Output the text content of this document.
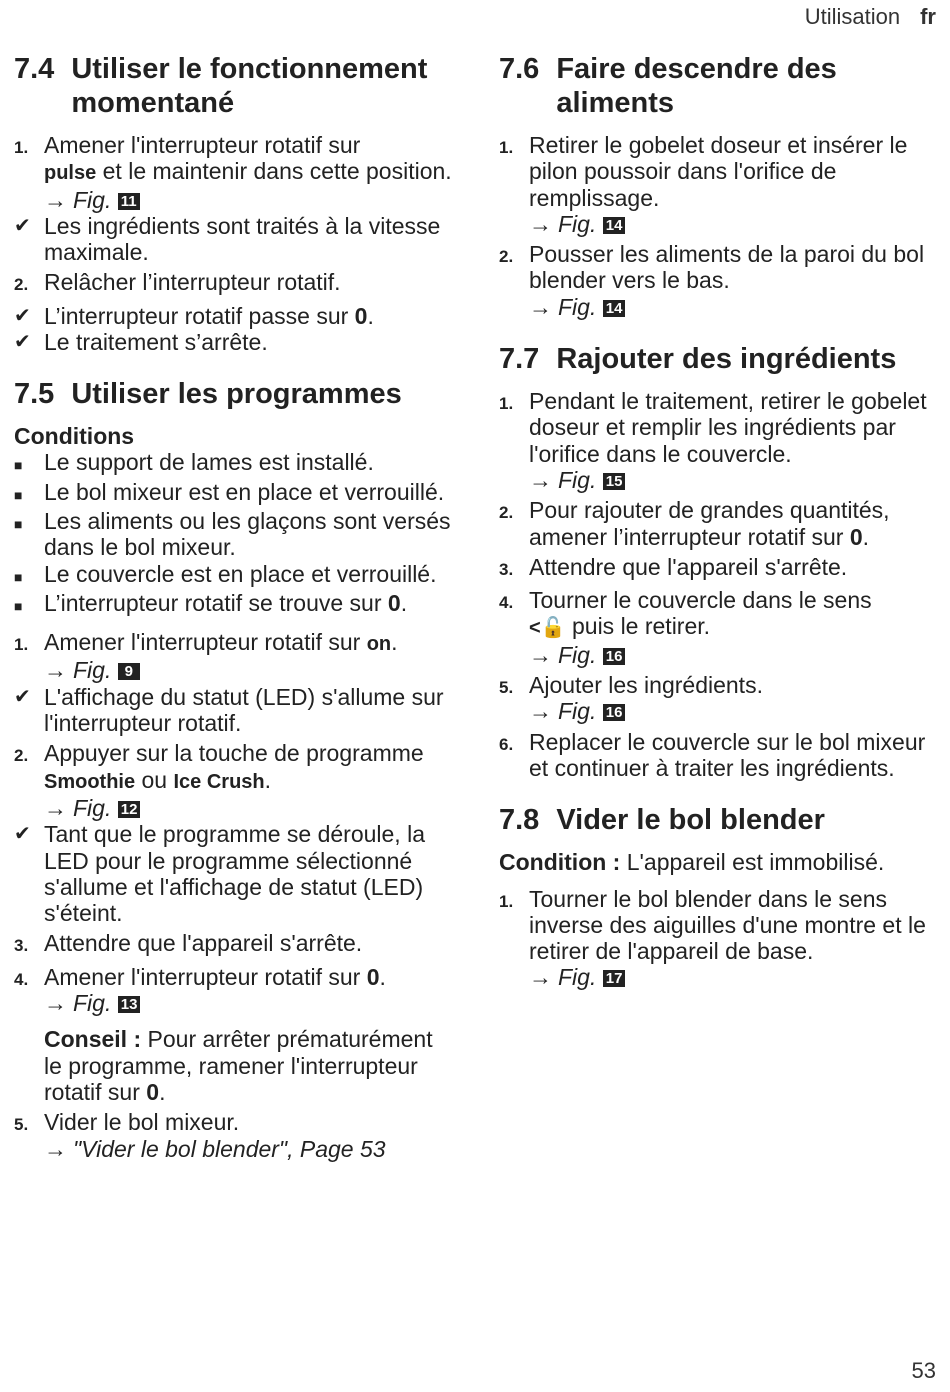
Utilisation fr
7.4 Utiliser le fonctionnement momentané
1. Amener l'interrupteur rotatif sur
pulse et le maintenir dans cette position.
→ Fig. 11
✔ Les ingrédients sont traités à la vitesse maximale.
2. Relâcher l’interrupteur rotatif.
✔ L’interrupteur rotatif passe sur 0.
✔ Le traitement s’arrête.
7.5 Utiliser les programmes
Conditions
■ Le support de lames est installé.
■ Le bol mixeur est en place et verrouillé.
■ Les aliments ou les glaçons sont versés dans le bol mixeur.
■ Le couvercle est en place et verrouillé.
■ L’interrupteur rotatif se trouve sur 0.
1. Amener l'interrupteur rotatif sur on.
→ Fig. 9
✔ L'affichage du statut (LED) s'allume sur l'interrupteur rotatif.
2. Appuyer sur la touche de programme Smoothie ou Ice Crush.
→ Fig. 12
✔ Tant que le programme se déroule, la LED pour le programme sélectionné s'allume et l'affichage de statut (LED) s'éteint.
3. Attendre que l'appareil s'arrête.
4. Amener l'interrupteur rotatif sur 0.
→ Fig. 13
Conseil : Pour arrêter prématurément le programme, ramener l'interrupteur rotatif sur 0.
5. Vider le bol mixeur.
→ "Vider le bol blender", Page 53
7.6 Faire descendre des aliments
1. Retirer le gobelet doseur et insérer le pilon poussoir dans l'orifice de remplissage.
→ Fig. 14
2. Pousser les aliments de la paroi du bol blender vers le bas.
→ Fig. 14
7.7 Rajouter des ingrédients
1. Pendant le traitement, retirer le gobelet doseur et remplir les ingrédients par l'orifice dans le couvercle.
→ Fig. 15
2. Pour rajouter de grandes quantités, amener l’interrupteur rotatif sur 0.
3. Attendre que l'appareil s'arrête.
4. Tourner le couvercle dans le sens
<🔓 puis le retirer.
→ Fig. 16
5. Ajouter les ingrédients.
→ Fig. 16
6. Replacer le couvercle sur le bol mixeur et continuer à traiter les ingrédients.
7.8 Vider le bol blender
Condition : L'appareil est immobilisé.
1. Tourner le bol blender dans le sens inverse des aiguilles d'une montre et le retirer de l'appareil de base.
→ Fig. 17
53
